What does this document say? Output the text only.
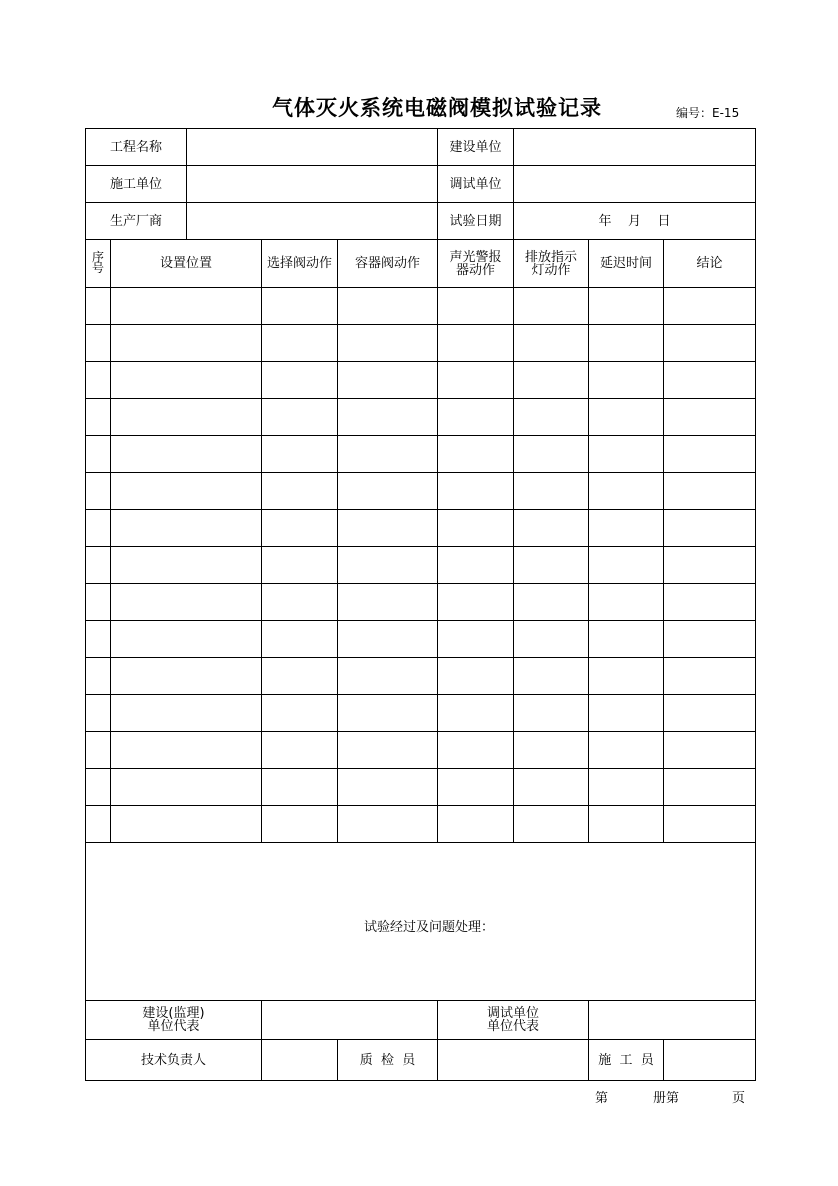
气体灭火系统电磁阀模拟试验记录	编号：E-15
工程名称					建设单位			
施工单位					调试单位			
生产厂商					试验日期	年    月    日		
序号	设置位置		选择阀动作	容器阀动作	声光警报器动作	排放指示灯动作	延迟时间	结论

试验经过及问题处理：								

建设(监理)单位代表					调试单位单位代表			
技术负责人				质  检  员			施  工  员	
第	册第	页
